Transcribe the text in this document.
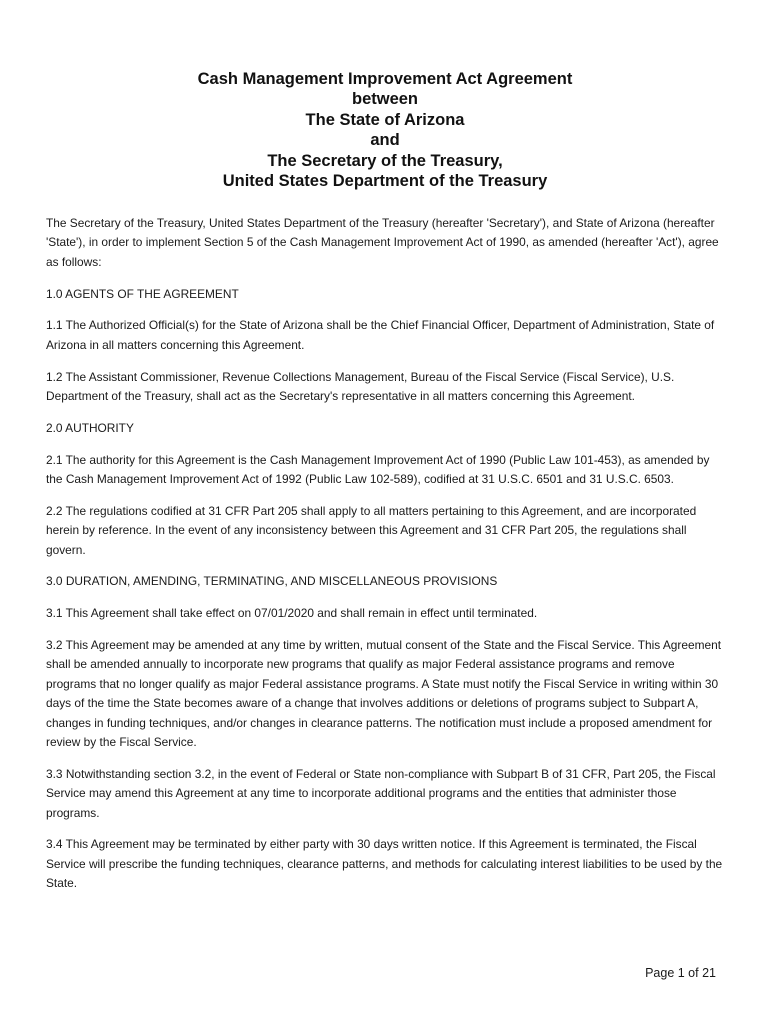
Cash Management Improvement Act Agreement
between
The State of Arizona
and
The Secretary of the Treasury,
United States Department of the Treasury

The Secretary of the Treasury, United States Department of the Treasury (hereafter 'Secretary'), and State of Arizona (hereafter 'State'), in order to implement Section 5 of the Cash Management Improvement Act of 1990, as amended (hereafter 'Act'), agree as follows:

1.0 AGENTS OF THE AGREEMENT

1.1 The Authorized Official(s) for the State of Arizona shall be the Chief Financial Officer, Department of Administration, State of Arizona in all matters concerning this Agreement.

1.2 The Assistant Commissioner, Revenue Collections Management, Bureau of the Fiscal Service (Fiscal Service), U.S. Department of the Treasury, shall act as the Secretary's representative in all matters concerning this Agreement.

2.0 AUTHORITY

2.1 The authority for this Agreement is the Cash Management Improvement Act of 1990 (Public Law 101-453), as amended by the Cash Management Improvement Act of 1992 (Public Law 102-589), codified at 31 U.S.C. 6501 and 31 U.S.C. 6503.

2.2 The regulations codified at 31 CFR Part 205 shall apply to all matters pertaining to this Agreement, and are incorporated herein by reference. In the event of any inconsistency between this Agreement and 31 CFR Part 205, the regulations shall govern.

3.0 DURATION, AMENDING, TERMINATING, AND MISCELLANEOUS PROVISIONS

3.1 This Agreement shall take effect on 07/01/2020 and shall remain in effect until terminated.

3.2 This Agreement may be amended at any time by written, mutual consent of the State and the Fiscal Service. This Agreement shall be amended annually to incorporate new programs that qualify as major Federal assistance programs and remove programs that no longer qualify as major Federal assistance programs. A State must notify the Fiscal Service in writing within 30 days of the time the State becomes aware of a change that involves additions or deletions of programs subject to Subpart A, changes in funding techniques, and/or changes in clearance patterns. The notification must include a proposed amendment for review by the Fiscal Service.

3.3 Notwithstanding section 3.2, in the event of Federal or State non-compliance with Subpart B of 31 CFR, Part 205, the Fiscal Service may amend this Agreement at any time to incorporate additional programs and the entities that administer those programs.

3.4 This Agreement may be terminated by either party with 30 days written notice. If this Agreement is terminated, the Fiscal Service will prescribe the funding techniques, clearance patterns, and methods for calculating interest liabilities to be used by the State.

Page 1 of 21
